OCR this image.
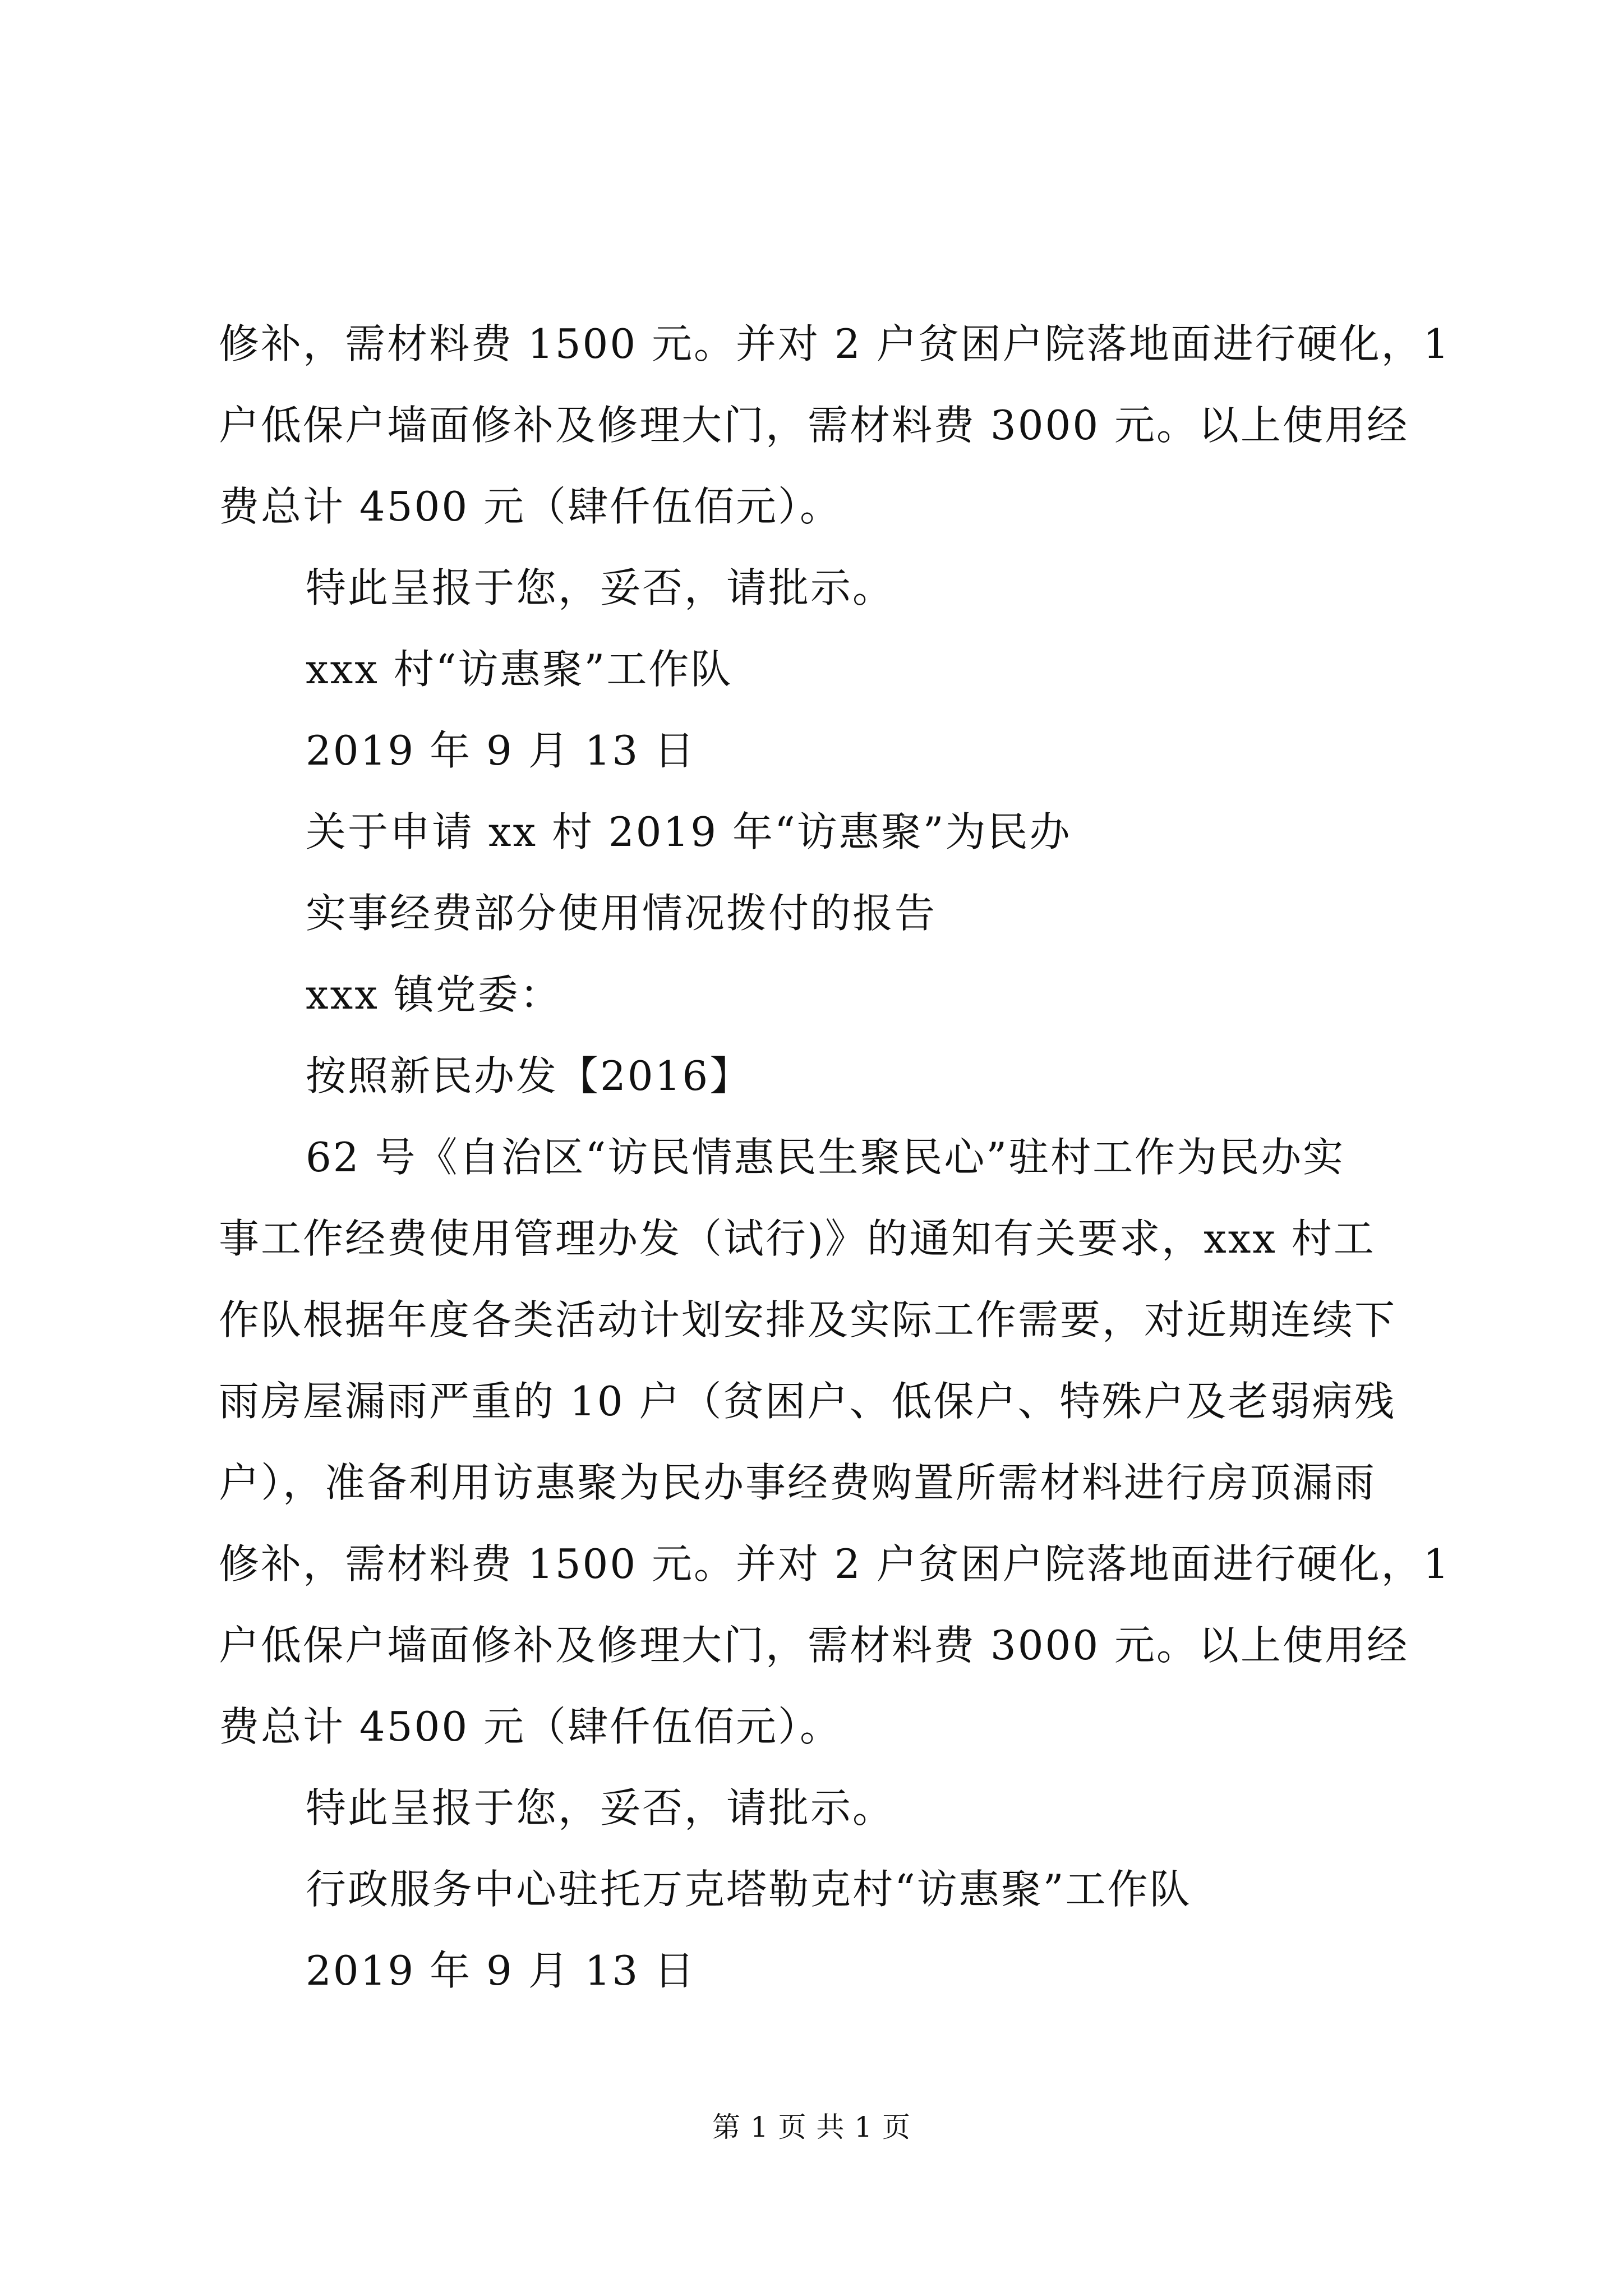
修补，需材料费 1500 元。并对 2 户贫困户院落地面进行硬化，1
户低保户墙面修补及修理大门，需材料费 3000 元。以上使用经
费总计 4500 元（肆仟伍佰元）。
特此呈报于您，妥否，请批示。
xxx 村“访惠聚”工作队
2019 年 9 月 13 日
关于申请 xx 村 2019 年“访惠聚”为民办
实事经费部分使用情况拨付的报告
xxx 镇党委：
按照新民办发【2016】
62 号《自治区“访民情惠民生聚民心”驻村工作为民办实
事工作经费使用管理办发（试行)》的通知有关要求，xxx 村工
作队根据年度各类活动计划安排及实际工作需要，对近期连续下
雨房屋漏雨严重的 10 户（贫困户、低保户、特殊户及老弱病残
户），准备利用访惠聚为民办事经费购置所需材料进行房顶漏雨
修补，需材料费 1500 元。并对 2 户贫困户院落地面进行硬化，1
户低保户墙面修补及修理大门，需材料费 3000 元。以上使用经
费总计 4500 元（肆仟伍佰元）。
特此呈报于您，妥否，请批示。
行政服务中心驻托万克塔勒克村“访惠聚”工作队
2019 年 9 月 13 日
第 1 页 共 1 页
